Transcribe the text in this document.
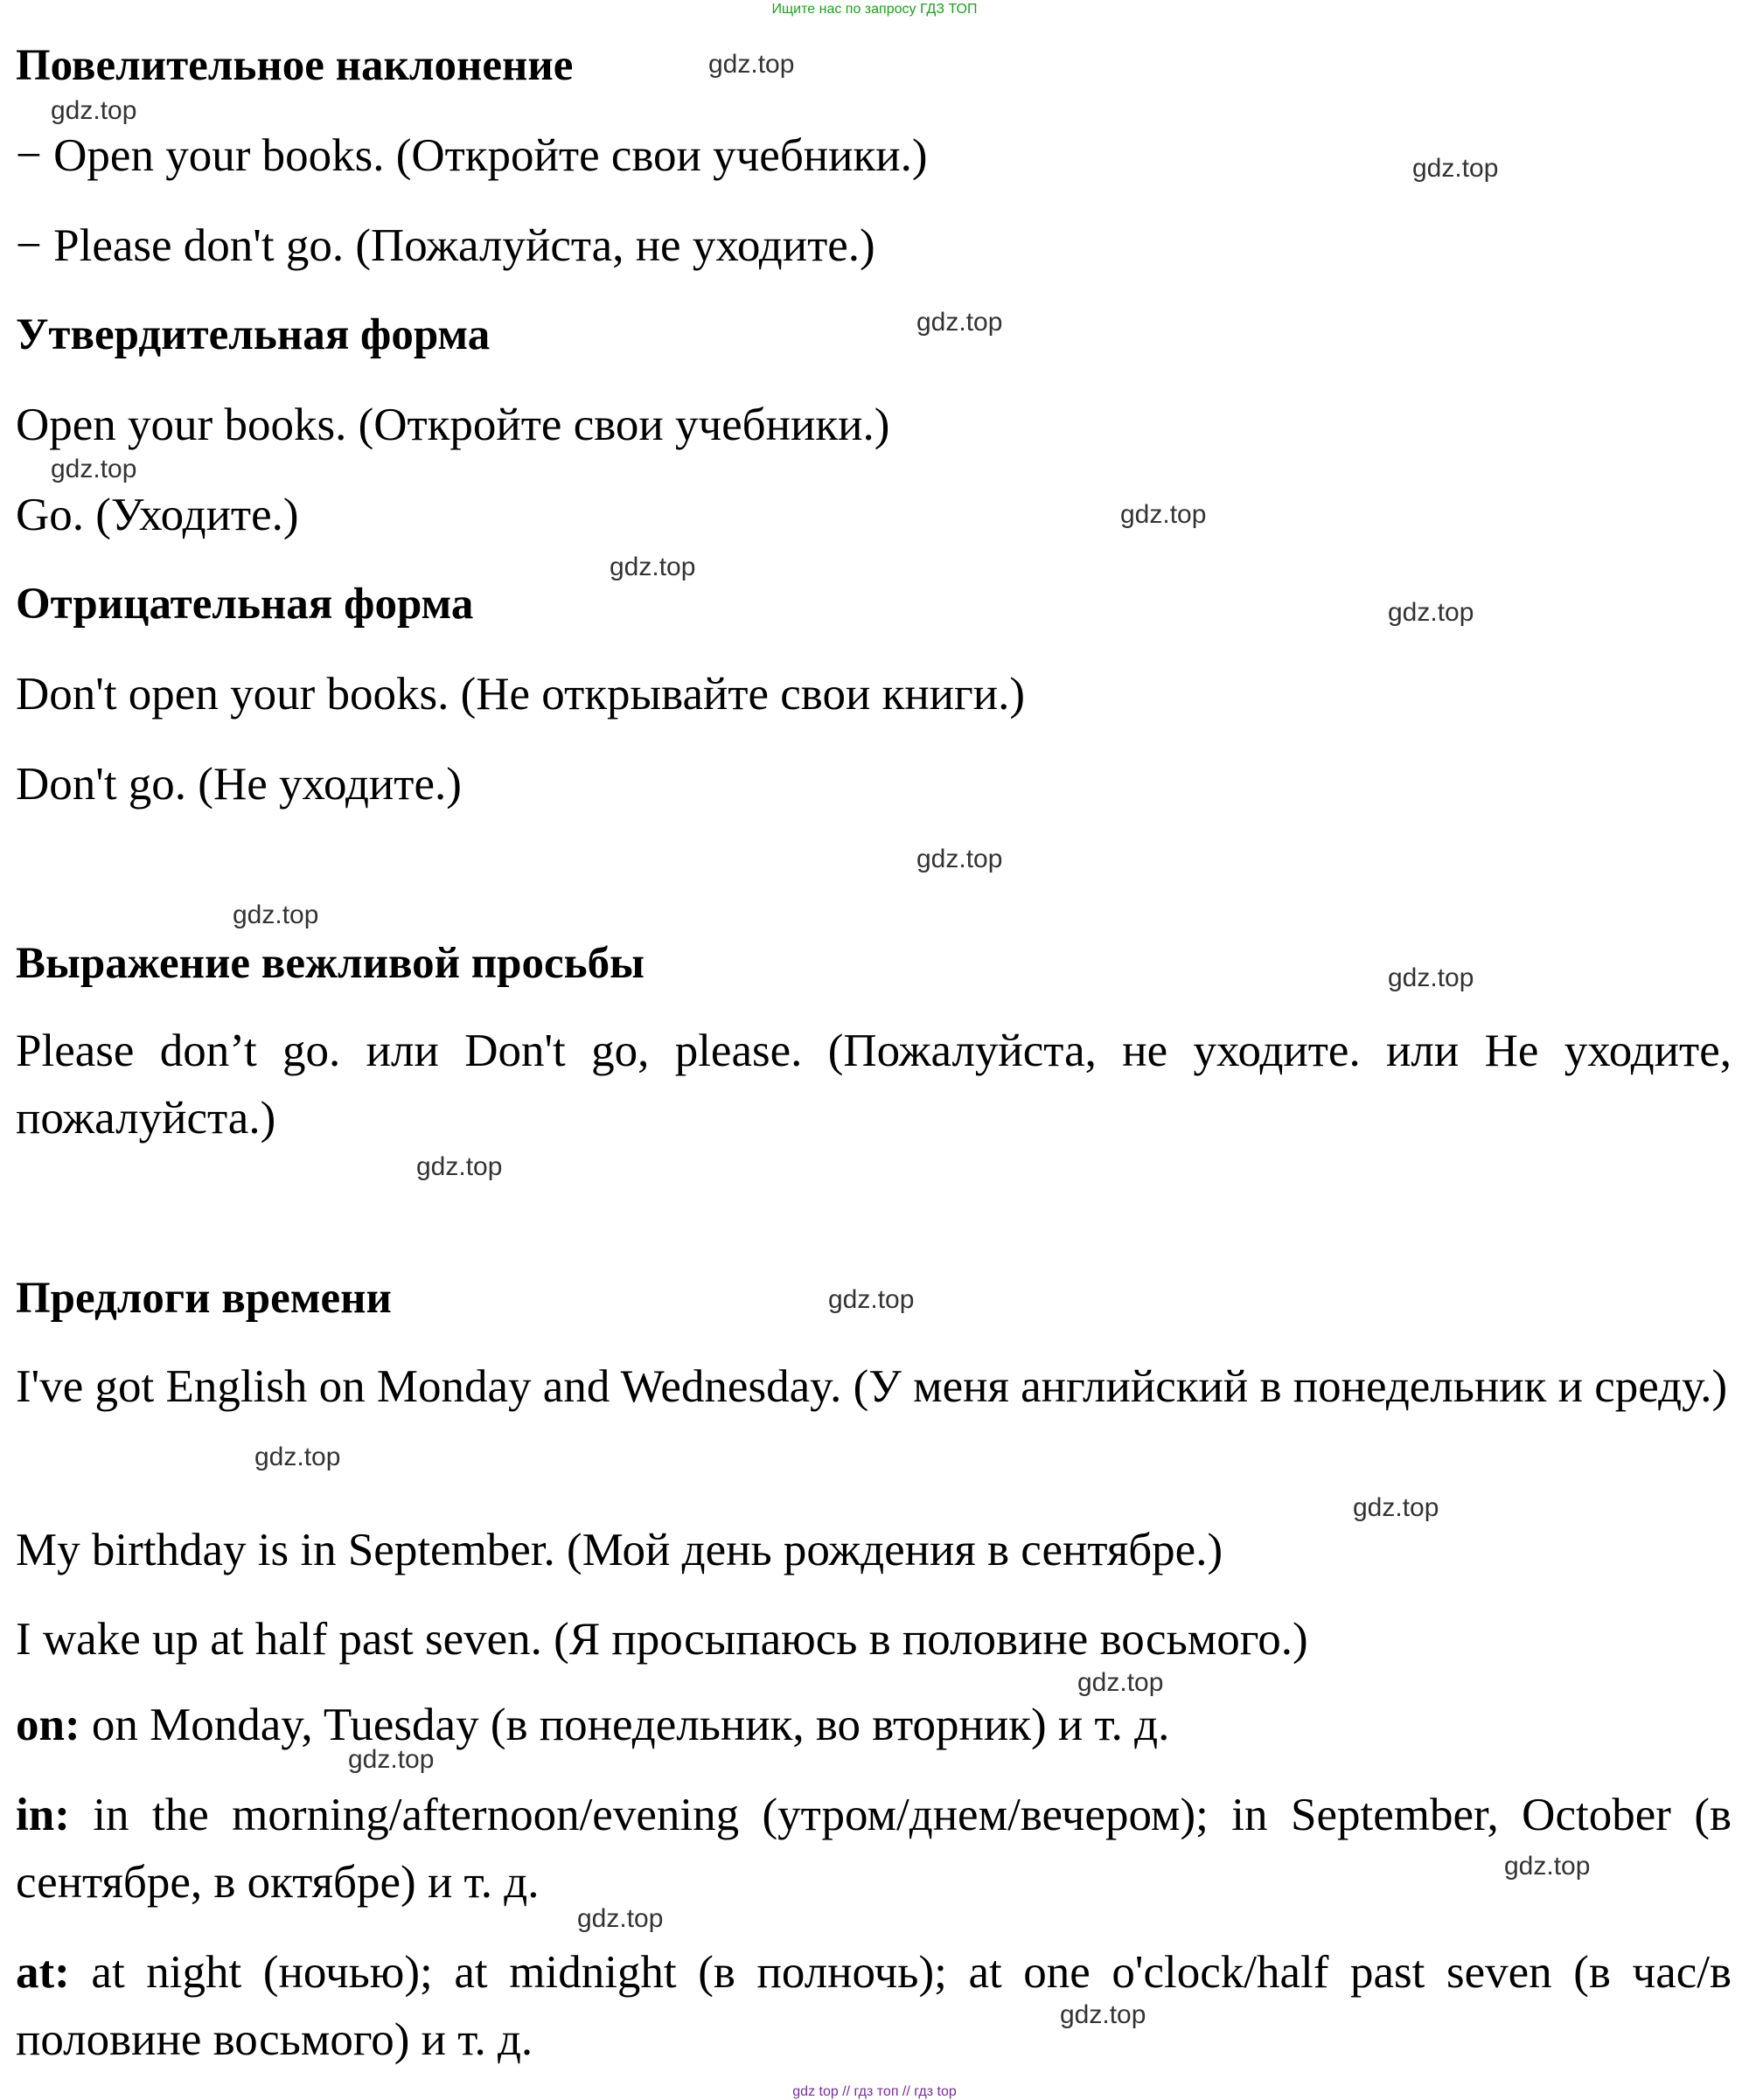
Ищите нас по запросу ГДЗ ТОП
Повелительное наклонение

− Open your books. (Откройте свои учебники.)

− Please don't go. (Пожалуйста, не уходите.)

Утвердительная форма

Open your books. (Откройте свои учебники.)

Go. (Уходите.)

Отрицательная форма

Don't open your books. (Не открывайте свои книги.)

Don't go. (Не уходите.)

Выражение вежливой просьбы

Please don’t go. или Don't go, please. (Пожалуйста, не уходите. или Не уходите, пожалуйста.)

Предлоги времени

I've got English on Monday and Wednesday. (У меня английский в понедельник и среду.)

My birthday is in September. (Мой день рождения в сентябре.)

I wake up at half past seven. (Я просыпаюсь в половине восьмого.)

on: on Monday, Tuesday (в понедельник, во вторник) и т. д.

in: in the morning/afternoon/evening (утром/днем/вечером); in September, October (в сентябре, в октябре) и т. д.

at: at night (ночью); at midnight (в полночь); at one o'clock/half past seven (в час/в половине восьмого) и т. д.

gdz.top
gdz.top
gdz.top
gdz.top
gdz.top
gdz.top
gdz.top
gdz.top
gdz.top
gdz.top
gdz.top
gdz.top
gdz.top
gdz.top
gdz.top
gdz.top
gdz.top
gdz.top
gdz.top
gdz.top
gdz top // гдз топ // гдз top
